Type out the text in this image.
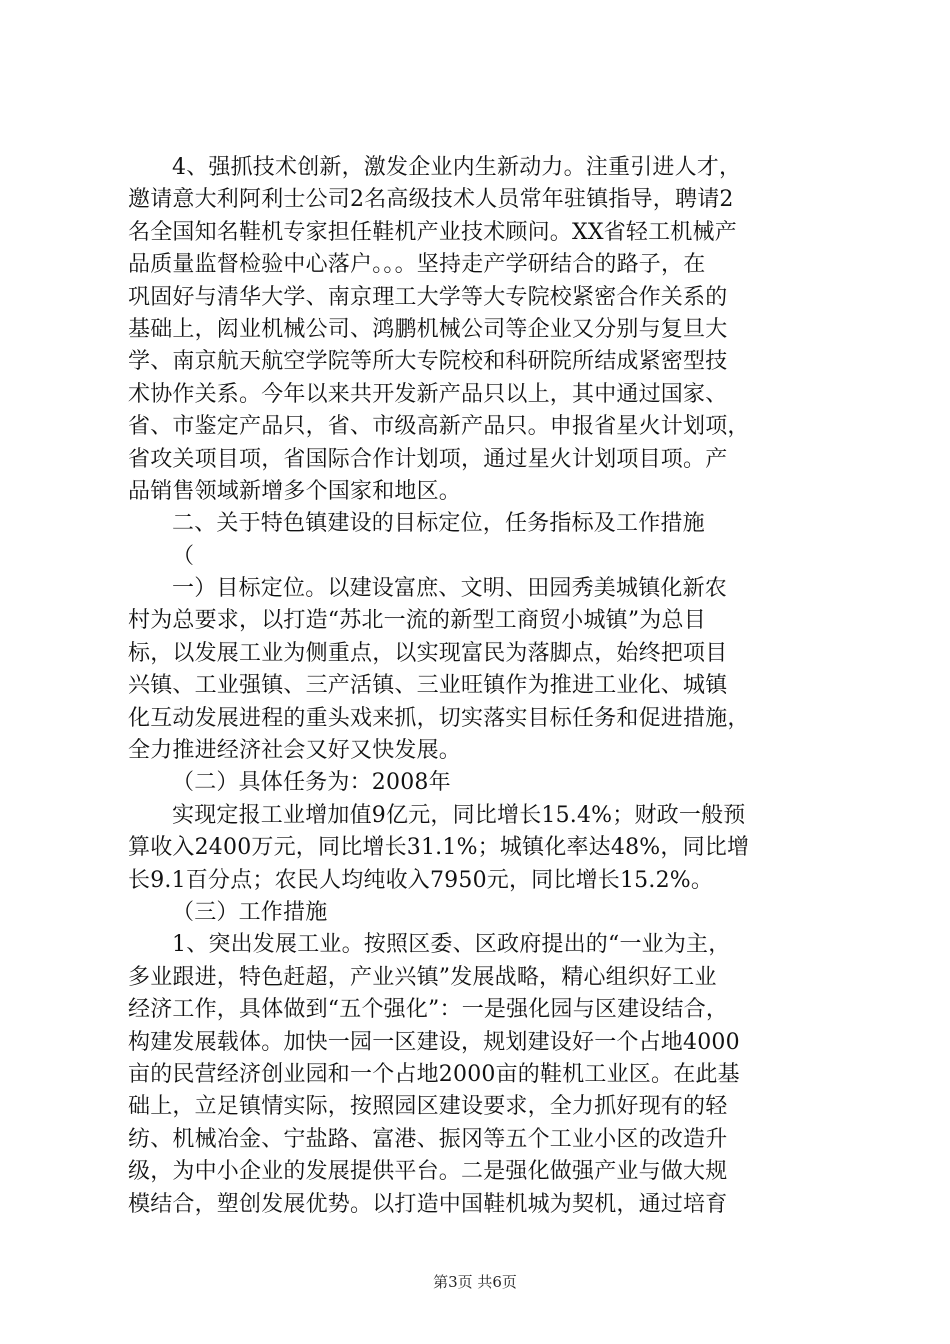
4、强抓技术创新，激发企业内生新动力。注重引进人才，
邀请意大利阿利士公司2名高级技术人员常年驻镇指导，聘请2
名全国知名鞋机专家担任鞋机产业技术顾问。XX省轻工机械产
品质量监督检验中心落户。。。坚持走产学研结合的路子，在
巩固好与清华大学、南京理工大学等大专院校紧密合作关系的
基础上，闳业机械公司、鸿鹏机械公司等企业又分别与复旦大
学、南京航天航空学院等所大专院校和科研院所结成紧密型技
术协作关系。今年以来共开发新产品只以上，其中通过国家、
省、市鉴定产品只，省、市级高新产品只。申报省星火计划项，
省攻关项目项，省国际合作计划项，通过星火计划项目项。产
品销售领域新增多个国家和地区。
二、关于特色镇建设的目标定位，任务指标及工作措施
（
一）目标定位。以建设富庶、文明、田园秀美城镇化新农
村为总要求，以打造“苏北一流的新型工商贸小城镇”为总目
标，以发展工业为侧重点，以实现富民为落脚点，始终把项目
兴镇、工业强镇、三产活镇、三业旺镇作为推进工业化、城镇
化互动发展进程的重头戏来抓，切实落实目标任务和促进措施，
全力推进经济社会又好又快发展。
（二）具体任务为：2008年
实现定报工业增加值9亿元，同比增长15.4%；财政一般预
算收入2400万元，同比增长31.1%；城镇化率达48%，同比增
长9.1百分点；农民人均纯收入7950元，同比增长15.2%。
（三）工作措施
1、突出发展工业。按照区委、区政府提出的“一业为主，
多业跟进，特色赶超，产业兴镇”发展战略，精心组织好工业
经济工作，具体做到“五个强化”：一是强化园与区建设结合，
构建发展载体。加快一园一区建设，规划建设好一个占地4000
亩的民营经济创业园和一个占地2000亩的鞋机工业区。在此基
础上，立足镇情实际，按照园区建设要求，全力抓好现有的轻
纺、机械冶金、宁盐路、富港、振冈等五个工业小区的改造升
级，为中小企业的发展提供平台。二是强化做强产业与做大规
模结合，塑创发展优势。以打造中国鞋机城为契机，通过培育
第3页 共6页
